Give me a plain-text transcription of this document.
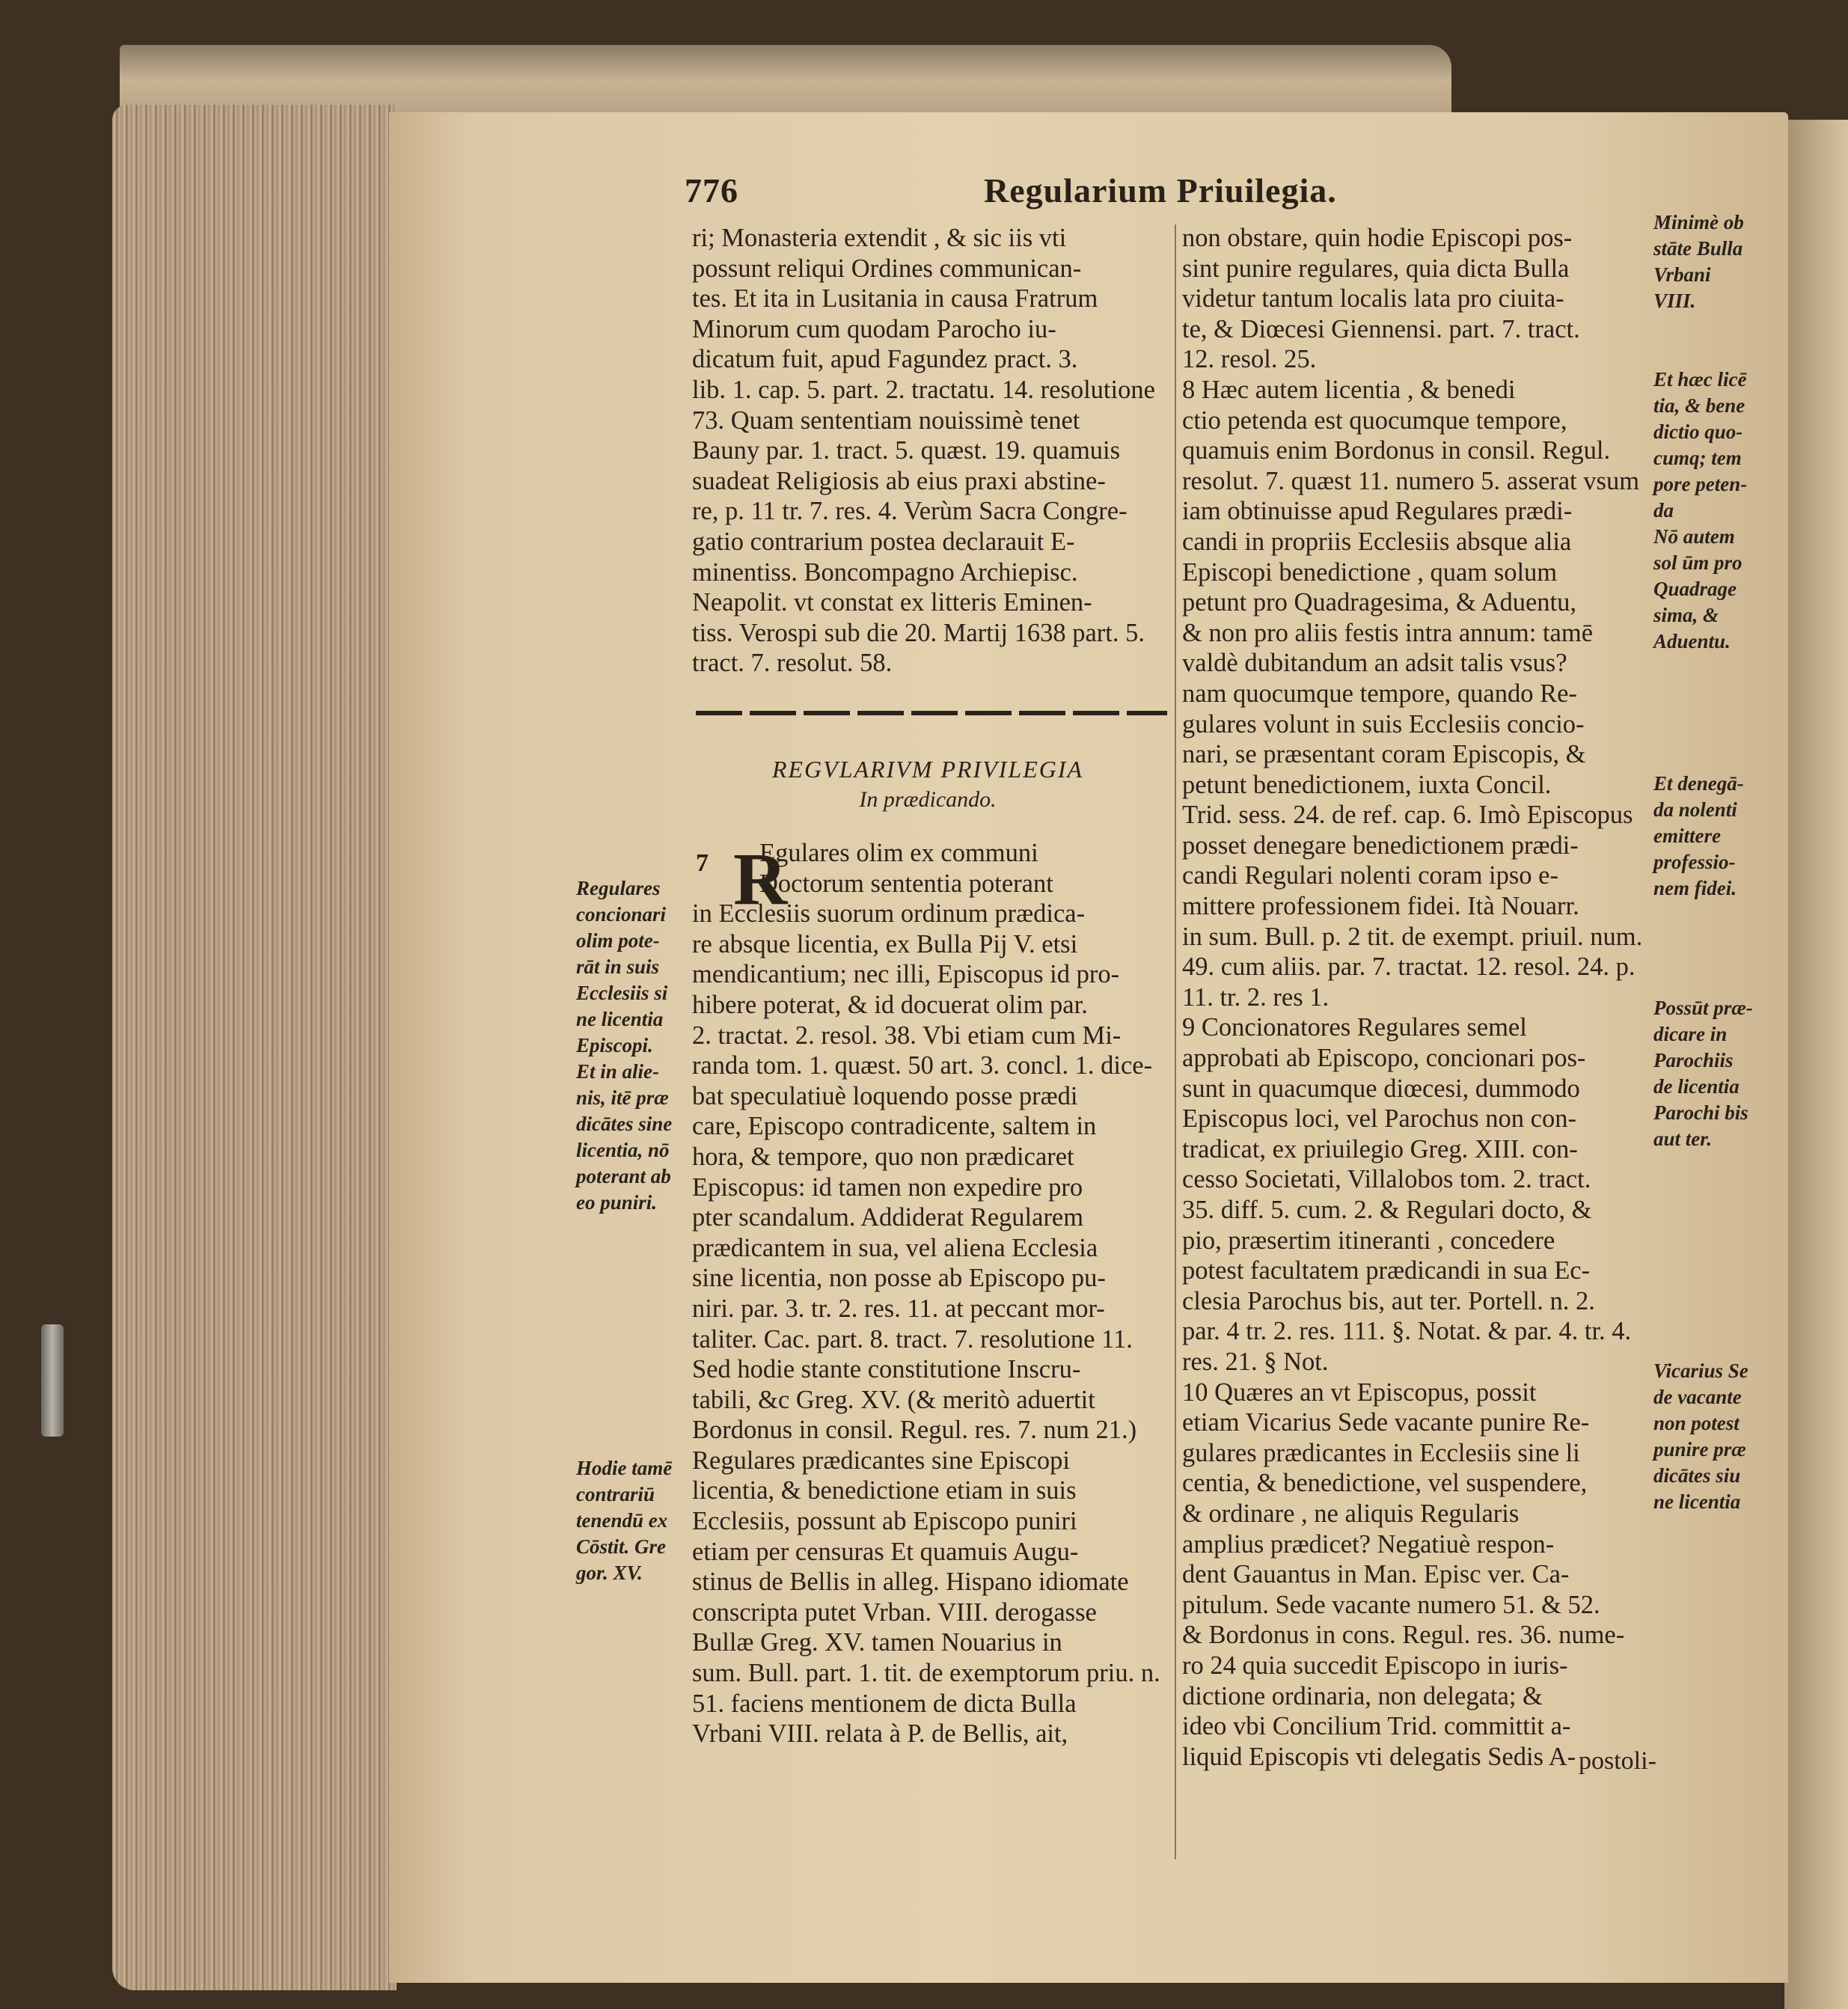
776	Regularium Priuilegia.
ri; Monasteria extendit , & sic iis vti
possunt reliqui Ordines communican-
tes. Et ita in Lusitania in causa Fratrum
Minorum cum quodam Parocho iu-
dicatum fuit, apud Fagundez pract. 3.
lib. 1. cap. 5. part. 2. tractatu. 14. resolutione
73. Quam sententiam nouissimè tenet
Bauny par. 1. tract. 5. quæst. 19. quamuis
suadeat Religiosis ab eius praxi abstine-
re, p. 11 tr. 7. res. 4. Verùm Sacra Congre-
gatio contrarium postea declarauit E-
minentiss. Boncompagno Archiepisc.
Neapolit. vt constat ex litteris Eminen-
tiss. Verospi sub die 20. Martij 1638 part. 5.
tract. 7. resolut. 58.
REGVLARIVM PRIVILEGIA
In prædicando.
7 R
Egulares olim ex communi
Doctorum sententia poterant
in Ecclesiis suorum ordinum prædica-
re absque licentia, ex Bulla Pij V. etsi
mendicantium; nec illi, Episcopus id pro-
hibere poterat, & id docuerat olim par.
2. tractat. 2. resol. 38. Vbi etiam cum Mi-
randa tom. 1. quæst. 50 art. 3. concl. 1. dice-
bat speculatiuè loquendo posse prædi
care, Episcopo contradicente, saltem in
hora, & tempore, quo non prædicaret
Episcopus: id tamen non expedire pro
pter scandalum. Addiderat Regularem
prædicantem in sua, vel aliena Ecclesia
sine licentia, non posse ab Episcopo pu-
niri. par. 3. tr. 2. res. 11. at peccant mor-
taliter. Cac. part. 8. tract. 7. resolutione 11.
Sed hodie stante constitutione Inscru-
tabili, &c Greg. XV. (& meritò aduertit
Bordonus in consil. Regul. res. 7. num 21.)
Regulares prædicantes sine Episcopi
licentia, & benedictione etiam in suis
Ecclesiis, possunt ab Episcopo puniri
etiam per censuras Et quamuis Augu-
stinus de Bellis in alleg. Hispano idiomate
conscripta putet Vrban. VIII. derogasse
Bullæ Greg. XV. tamen Nouarius in
sum. Bull. part. 1. tit. de exemptorum priu. n.
51. faciens mentionem de dicta Bulla
Vrbani VIII. relata à P. de Bellis, ait,
non obstare, quin hodie Episcopi pos-
sint punire regulares, quia dicta Bulla
videtur tantum localis lata pro ciuita-
te, & Diœcesi Giennensi. part. 7. tract.
12. resol. 25.
8 Hæc autem licentia , & benedi
ctio petenda est quocumque tempore,
quamuis enim Bordonus in consil. Regul.
resolut. 7. quæst 11. numero 5. asserat vsum
iam obtinuisse apud Regulares prædi-
candi in propriis Ecclesiis absque alia
Episcopi benedictione , quam solum
petunt pro Quadragesima, & Aduentu,
& non pro aliis festis intra annum: tamē
valdè dubitandum an adsit talis vsus?
nam quocumque tempore, quando Re-
gulares volunt in suis Ecclesiis concio-
nari, se præsentant coram Episcopis, &
petunt benedictionem, iuxta Concil.
Trid. sess. 24. de ref. cap. 6. Imò Episcopus
posset denegare benedictionem prædi-
candi Regulari nolenti coram ipso e-
mittere professionem fidei. Ità Nouarr.
in sum. Bull. p. 2 tit. de exempt. priuil. num.
49. cum aliis. par. 7. tractat. 12. resol. 24. p.
11. tr. 2. res 1.
9 Concionatores Regulares semel
approbati ab Episcopo, concionari pos-
sunt in quacumque diœcesi, dummodo
Episcopus loci, vel Parochus non con-
tradicat, ex priuilegio Greg. XIII. con-
cesso Societati, Villalobos tom. 2. tract.
35. diff. 5. cum. 2. & Regulari docto, &
pio, præsertim itineranti , concedere
potest facultatem prædicandi in sua Ec-
clesia Parochus bis, aut ter. Portell. n. 2.
par. 4 tr. 2. res. 111. §. Notat. & par. 4. tr. 4.
res. 21. § Not.
10 Quæres an vt Episcopus, possit
etiam Vicarius Sede vacante punire Re-
gulares prædicantes in Ecclesiis sine li
centia, & benedictione, vel suspendere,
& ordinare , ne aliquis Regularis
amplius prædicet? Negatiuè respon-
dent Gauantus in Man. Episc ver. Ca-
pitulum. Sede vacante numero 51. & 52.
& Bordonus in cons. Regul. res. 36. nume-
ro 24 quia succedit Episcopo in iuris-
dictione ordinaria, non delegata; &
ideo vbi Concilium Trid. committit a-
liquid Episcopis vti delegatis Sedis A- postoli-
Regulares
concionari
olim pote-
rāt in suis
Ecclesiis si
ne licentia
Episcopi.
Et in alie-
nis, itē præ
dicātes sine
licentia, nō
poterant ab
eo puniri.
Hodie tamē
contrariū
tenendū ex
Cōstit. Gre
gor. XV.
Minimè ob
stāte Bulla
Vrbani
VIII.
Et hæc licē
tia, & bene
dictio quo-
cumq; tem
pore peten-
da
Nō autem
sol ūm pro
Quadrage
sima, &
Aduentu.
Et denegā-
da nolenti
emittere
professio-
nem fidei.
Possūt præ-
dicare in
Parochiis
de licentia
Parochi bis
aut ter.
Vicarius Se
de vacante
non potest
punire præ
dicātes siu
ne licentia
